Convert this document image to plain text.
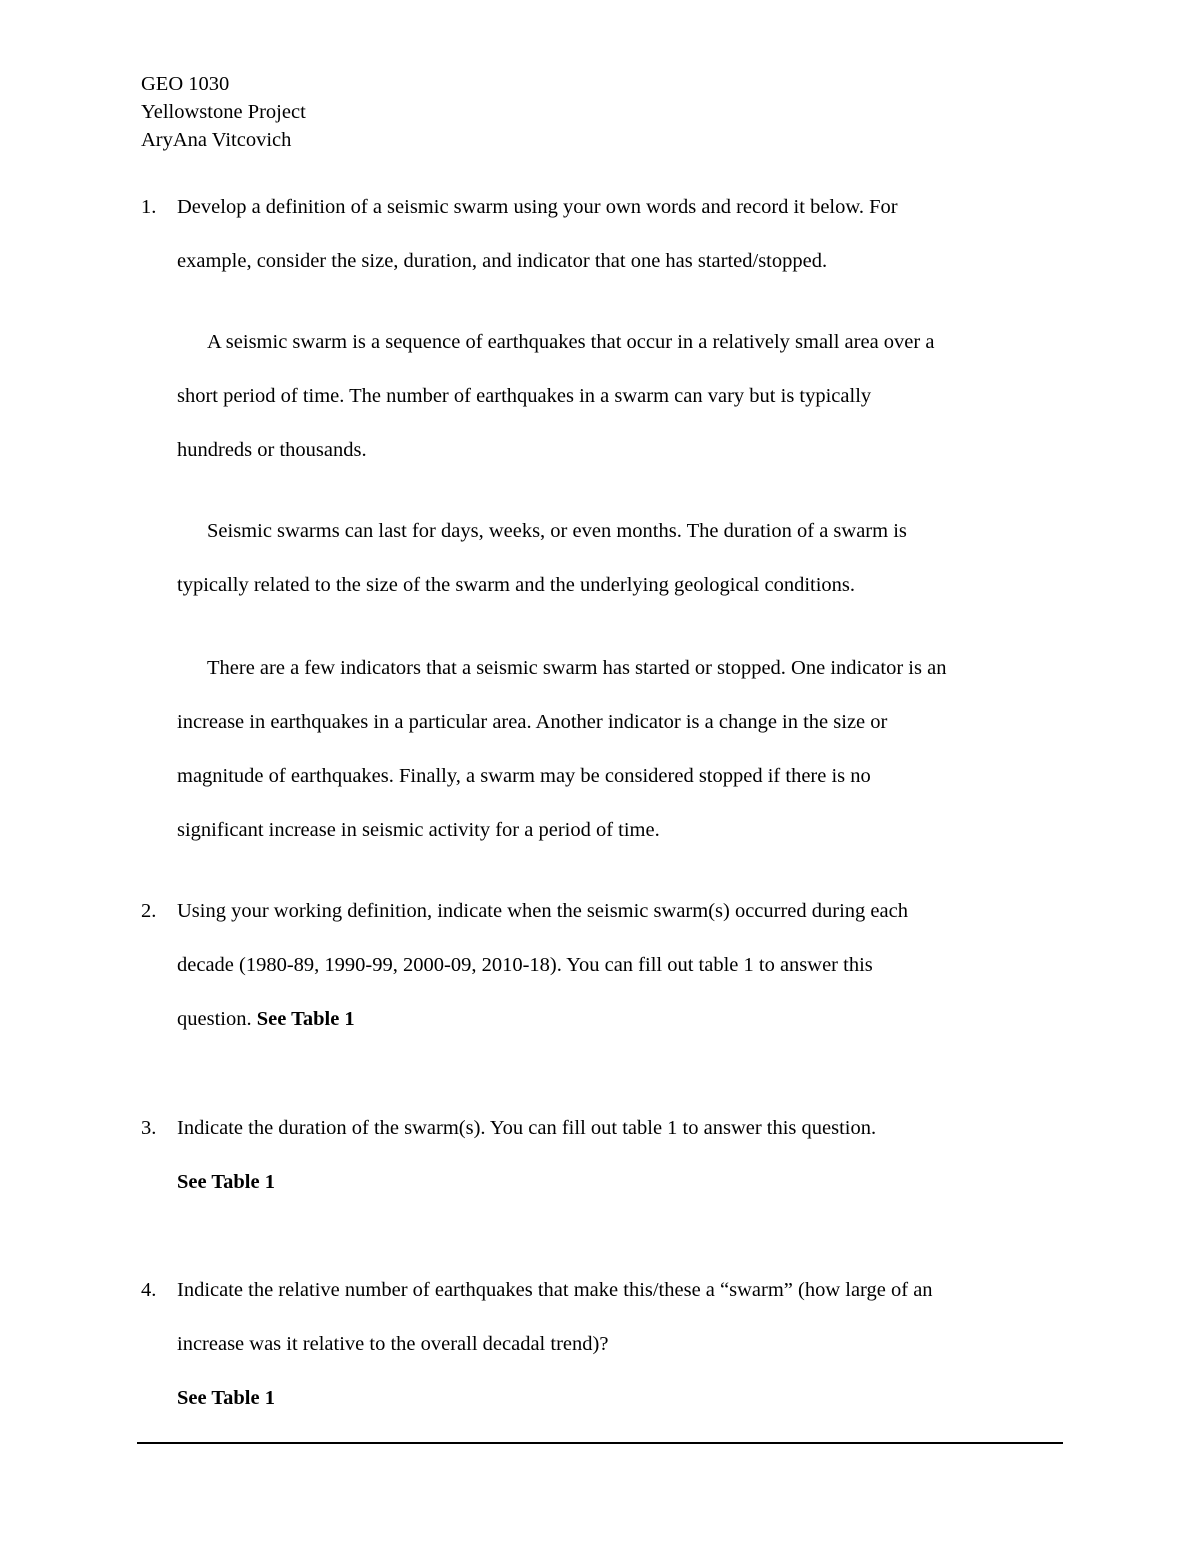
GEO 1030
Yellowstone Project
AryAna Vitcovich
1.	Develop a definition of a seismic swarm using your own words and record it below. For
example, consider the size, duration, and indicator that one has started/stopped.
A seismic swarm is a sequence of earthquakes that occur in a relatively small area over a
short period of time. The number of earthquakes in a swarm can vary but is typically
hundreds or thousands.
Seismic swarms can last for days, weeks, or even months. The duration of a swarm is
typically related to the size of the swarm and the underlying geological conditions.
There are a few indicators that a seismic swarm has started or stopped. One indicator is an
increase in earthquakes in a particular area. Another indicator is a change in the size or
magnitude of earthquakes. Finally, a swarm may be considered stopped if there is no
significant increase in seismic activity for a period of time.
2.	Using your working definition, indicate when the seismic swarm(s) occurred during each
decade (1980-89, 1990-99, 2000-09, 2010-18). You can fill out table 1 to answer this
question. See Table 1
3.	Indicate the duration of the swarm(s). You can fill out table 1 to answer this question.
See Table 1
4.	Indicate the relative number of earthquakes that make this/these a “swarm” (how large of an
increase was it relative to the overall decadal trend)?
See Table 1
